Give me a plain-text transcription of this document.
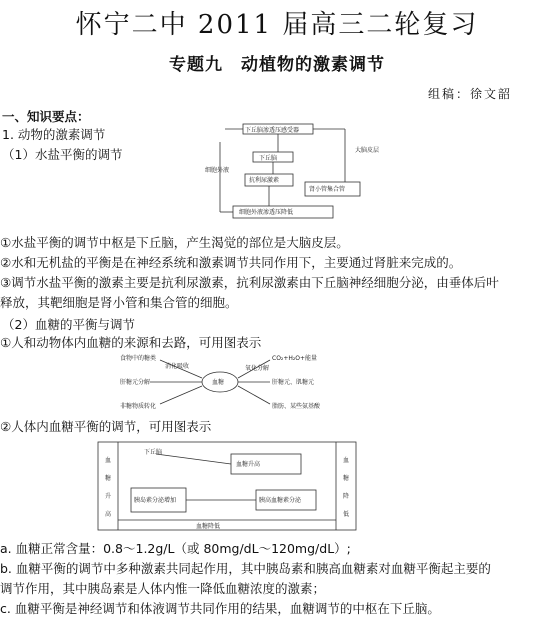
怀宁二中 2011 届高三二轮复习
专题九　动植物的激素调节
组稿：徐文韶
一、知识要点：
1. 动物的激素调节
（1）水盐平衡的调节
下丘脑渗透压感受器
下丘脑
抗利尿激素
肾小管集合管
细胞外液渗透压降低
大脑皮层
细胞外液
①水盐平衡的调节中枢是下丘脑，产生渴觉的部位是大脑皮层。
②水和无机盐的平衡是在神经系统和激素调节共同作用下，主要通过肾脏来完成的。
③调节水盐平衡的激素主要是抗利尿激素，抗利尿激素由下丘脑神经细胞分泌，由垂体后叶
释放，其靶细胞是肾小管和集合管的细胞。
（2）血糖的平衡与调节
①人和动物体内血糖的来源和去路，可用图表示
血糖
食物中的糖类
消化吸收
肝糖元分解
非糖物质转化
氧化分解
CO₂+H₂O+能量
肝糖元、肌糖元
脂肪、某些氨基酸
②人体内血糖平衡的调节，可用图表示
下丘脑
血糖升高
胰岛素分泌增加	胰高血糖素分泌
血糖降低
血
糖
升
高
血
糖
降
低
a. 血糖正常含量：0.8～1.2g/L（或 80mg/dL～120mg/dL）;
b. 血糖平衡的调节中多种激素共同起作用，其中胰岛素和胰高血糖素对血糖平衡起主要的
调节作用，其中胰岛素是人体内惟一降低血糖浓度的激素；
c. 血糖平衡是神经调节和体液调节共同作用的结果，血糖调节的中枢在下丘脑。
